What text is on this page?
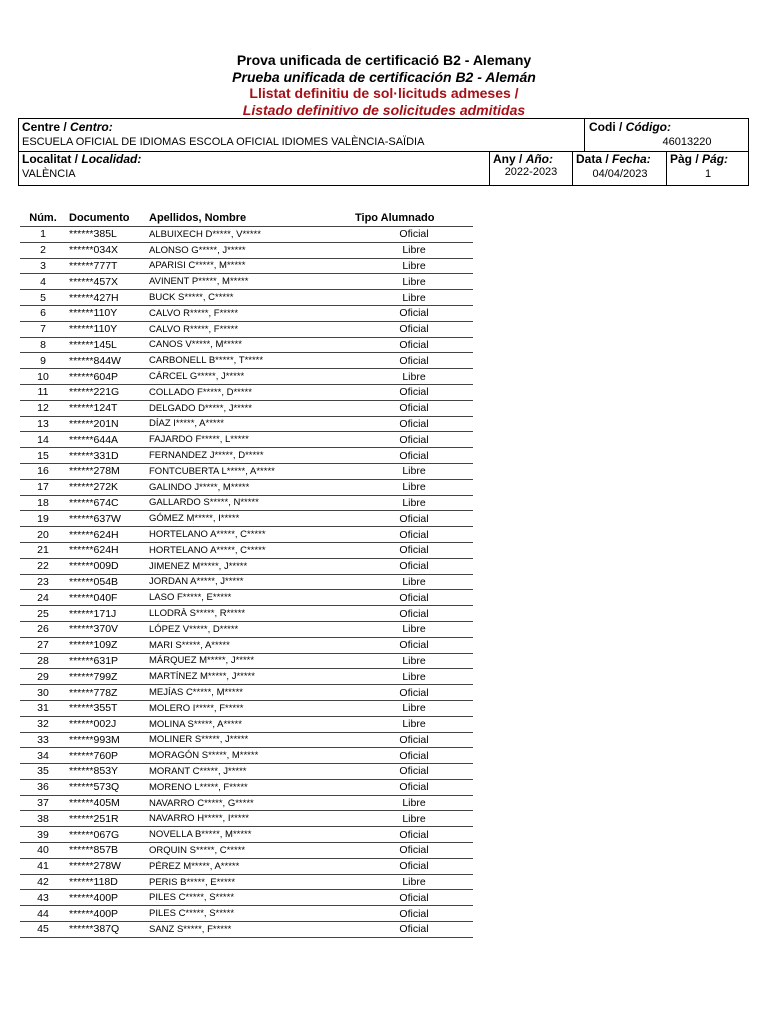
Prova unificada de certificació B2 - Alemany
Prueba unificada de certificación B2 - Alemán
Llistat definitiu de sol·licituds admeses /
Listado definitivo de solicitudes admitidas
Centre / Centro:
ESCUELA OFICIAL DE IDIOMAS ESCOLA OFICIAL IDIOMES VALÈNCIA-SAÏDIA
Codi / Código:
46013220
Localitat / Localidad:
VALÈNCIA
Any / Año:
2022-2023
Data / Fecha:
04/04/2023
Pàg / Pág:
1
Núm.	Documento	Apellidos, Nombre	Tipo Alumnado
1	******385L	ALBUIXECH D*****, V*****	Oficial
2	******034X	ALONSO G*****, J*****	Libre
3	******777T	APARISI C*****, M*****	Libre
4	******457X	AVINENT P*****, M*****	Libre
5	******427H	BUCK S*****, C*****	Libre
6	******110Y	CALVO R*****, F*****	Oficial
7	******110Y	CALVO R*****, F*****	Oficial
8	******145L	CANOS V*****, M*****	Oficial
9	******844W	CARBONELL B*****, T*****	Oficial
10	******604P	CÁRCEL G*****, J*****	Libre
11	******221G	COLLADO F*****, D*****	Oficial
12	******124T	DELGADO D*****, J*****	Oficial
13	******201N	DÍAZ I*****, A*****	Oficial
14	******644A	FAJARDO F*****, L*****	Oficial
15	******331D	FERNANDEZ J*****, D*****	Oficial
16	******278M	FONTCUBERTA L*****, A*****	Libre
17	******272K	GALINDO J*****, M*****	Libre
18	******674C	GALLARDO S*****, N*****	Libre
19	******637W	GÓMEZ M*****, I*****	Oficial
20	******624H	HORTELANO A*****, C*****	Oficial
21	******624H	HORTELANO A*****, C*****	Oficial
22	******009D	JIMENEZ M*****, J*****	Oficial
23	******054B	JORDAN A*****, J*****	Libre
24	******040F	LASO F*****, E*****	Oficial
25	******171J	LLODRÀ S*****, R*****	Oficial
26	******370V	LÓPEZ V*****, D*****	Libre
27	******109Z	MARI S*****, A*****	Oficial
28	******631P	MÁRQUEZ M*****, J*****	Libre
29	******799Z	MARTÍNEZ M*****, J*****	Libre
30	******778Z	MEJÍAS C*****, M*****	Oficial
31	******355T	MOLERO I*****, F*****	Libre
32	******002J	MOLINA S*****, A*****	Libre
33	******993M	MOLINER S*****, J*****	Oficial
34	******760P	MORAGÓN S*****, M*****	Oficial
35	******853Y	MORANT C*****, J*****	Oficial
36	******573Q	MORENO L*****, F*****	Oficial
37	******405M	NAVARRO C*****, G*****	Libre
38	******251R	NAVARRO H*****, I*****	Libre
39	******067G	NOVELLA B*****, M*****	Oficial
40	******857B	ORQUIN S*****, C*****	Oficial
41	******278W	PÉREZ M*****, A*****	Oficial
42	******118D	PERIS B*****, E*****	Libre
43	******400P	PILES C*****, S*****	Oficial
44	******400P	PILES C*****, S*****	Oficial
45	******387Q	SANZ S*****, F*****	Oficial
